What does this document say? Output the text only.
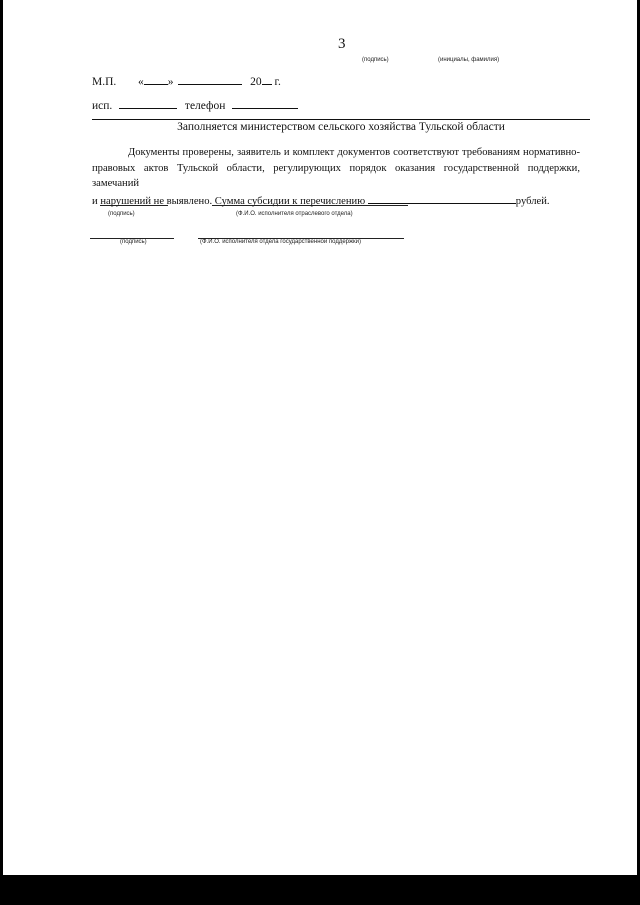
3
(подпись)	(инициалы, фамилия)
М.П. « »	20 г.
исп.	телефон
Заполняется министерством сельского хозяйства Тульской области
Документы проверены, заявитель и комплект документов соответствуют требованиям нормативно-
правовых актов Тульской области, регулирующих порядок оказания государственной поддержки, замечаний
и нарушений не выявлено. Сумма субсидии к перечислению	рублей.
(подпись)	(Ф.И.О. исполнителя отраслевого отдела)
(подпись)	(Ф.И.О. исполнителя отдела государственной поддержки)
